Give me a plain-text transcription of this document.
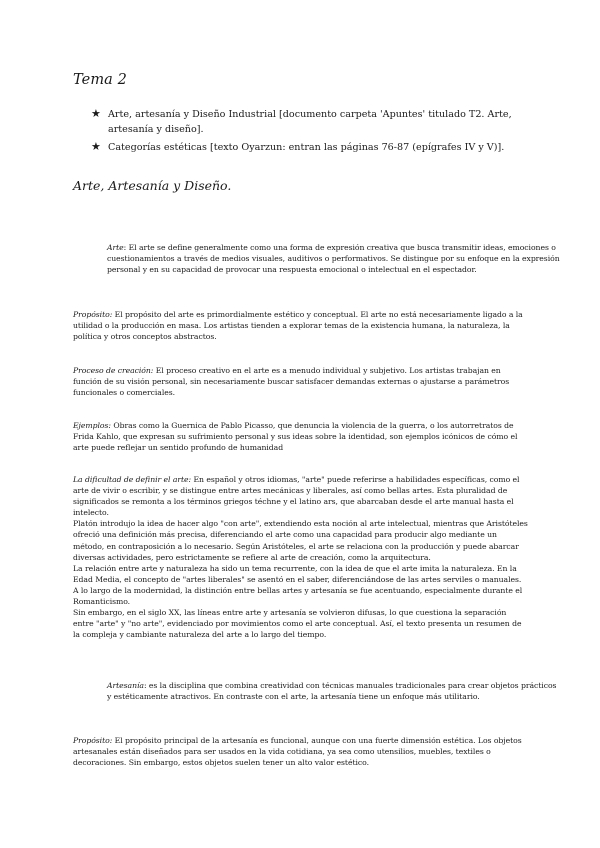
Tema 2
★ Arte, artesanía y Diseño Industrial [documento carpeta 'Apuntes' titulado T2. Arte, artesanía y diseño].
★ Categorías estéticas [texto Oyarzun: entran las páginas 76-87 (epígrafes IV y V)].
Arte, Artesanía y Diseño.

Arte: El arte se define generalmente como una forma de expresión creativa que busca transmitir ideas, emociones o cuestionamientos a través de medios visuales, auditivos o performativos. Se distingue por su enfoque en la expresión personal y en su capacidad de provocar una respuesta emocional o intelectual en el espectador.

Propósito: El propósito del arte es primordialmente estético y conceptual. El arte no está necesariamente ligado a la utilidad o la producción en masa. Los artistas tienden a explorar temas de la existencia humana, la naturaleza, la política y otros conceptos abstractos.

Proceso de creación: El proceso creativo en el arte es a menudo individual y subjetivo. Los artistas trabajan en función de su visión personal, sin necesariamente buscar satisfacer demandas externas o ajustarse a parámetros funcionales o comerciales.

Ejemplos: Obras como la Guernica de Pablo Picasso, que denuncia la violencia de la guerra, o los autorretratos de Frida Kahlo, que expresan su sufrimiento personal y sus ideas sobre la identidad, son ejemplos icónicos de cómo el arte puede reflejar un sentido profundo de humanidad

La dificultad de definir el arte: En español y otros idiomas, "arte" puede referirse a habilidades específicas, como el arte de vivir o escribir, y se distingue entre artes mecánicas y liberales, así como bellas artes. Esta pluralidad de significados se remonta a los términos griegos téchne y el latino ars, que abarcaban desde el arte manual hasta el intelecto.
Platón introdujo la idea de hacer algo "con arte", extendiendo esta noción al arte intelectual, mientras que Aristóteles ofreció una definición más precisa, diferenciando el arte como una capacidad para producir algo mediante un método, en contraposición a lo necesario. Según Aristóteles, el arte se relaciona con la producción y puede abarcar diversas actividades, pero estrictamente se refiere al arte de creación, como la arquitectura.
La relación entre arte y naturaleza ha sido un tema recurrente, con la idea de que el arte imita la naturaleza. En la Edad Media, el concepto de "artes liberales" se asentó en el saber, diferenciándose de las artes serviles o manuales. A lo largo de la modernidad, la distinción entre bellas artes y artesanía se fue acentuando, especialmente durante el Romanticismo.
Sin embargo, en el siglo XX, las líneas entre arte y artesanía se volvieron difusas, lo que cuestiona la separación entre "arte" y "no arte", evidenciado por movimientos como el arte conceptual. Así, el texto presenta un resumen de la compleja y cambiante naturaleza del arte a lo largo del tiempo.

Artesanía: es la disciplina que combina creatividad con técnicas manuales tradicionales para crear objetos prácticos y estéticamente atractivos. En contraste con el arte, la artesanía tiene un enfoque más utilitario.

Propósito: El propósito principal de la artesanía es funcional, aunque con una fuerte dimensión estética. Los objetos artesanales están diseñados para ser usados en la vida cotidiana, ya sea como utensilios, muebles, textiles o decoraciones. Sin embargo, estos objetos suelen tener un alto valor estético.
